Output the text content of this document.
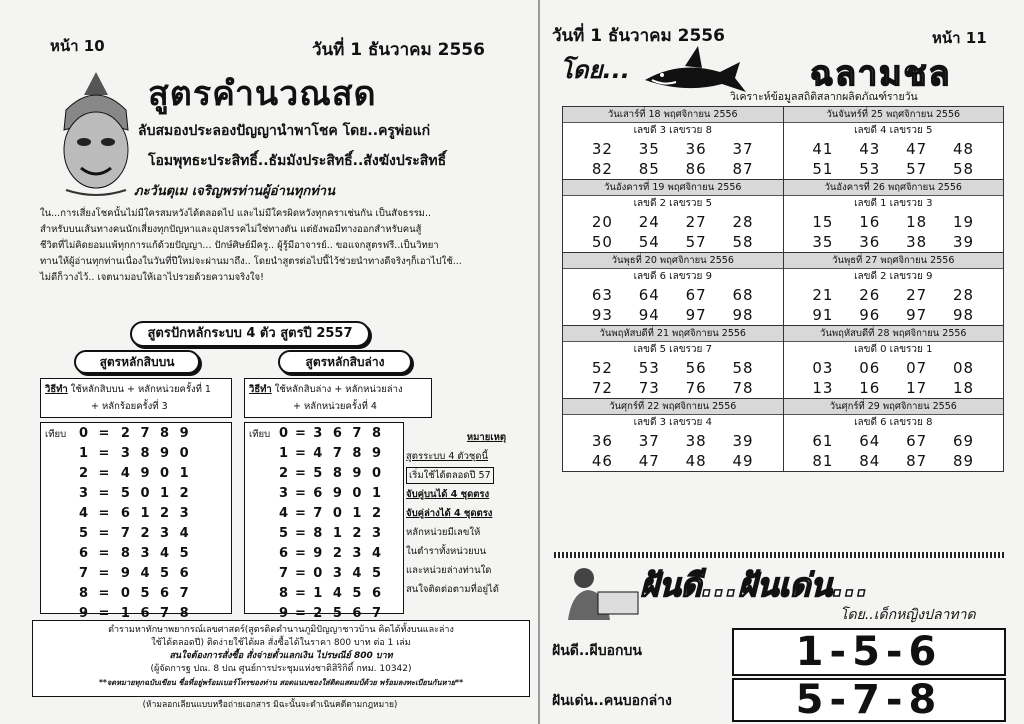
หน้า 10	วันที่ 1 ธันวาคม 2556
สูตรคำนวณสด
ลับสมองประลองปัญญานำพาโชค โดย..ครูพ่อแก่
โอมพุทธะประสิทธิ์..ธัมมังประสิทธิ์..สังฆังประสิทธิ์
ภะวันตุเม เจริญพรท่านผู้อ่านทุกท่าน
ใน...การเสี่ยงโชคนั้นไม่มีใครสมหวังได้ตลอดไป และไม่มีใครผิดหวังทุกคราเช่นกัน เป็นสัจธรรม..
สำหรับบนเส้นทางคนนักเสี่ยงทุกปัญหาและอุปสรรคไม่ใช่ทางตัน แต่ยังพอมีทางออกสำหรับคนสู้
ชีวิตที่ไม่คิดยอมแพ้ทุกการแก้ด้วยปัญญา... ปักษ์ศิษย์มีครู.. ผู้รู้มีอาจารย์.. ขอแจกสูตรฟรี..เป็นวิทยา
ทานให้ผู้อ่านทุกท่านเนื่องในวันที่ปีใหม่จะผ่านมาถึง.. โดยนำสูตรต่อไปนี้ไว้ช่วยนำทางดีจริงๆก็เอาไปใช้...
ไม่ดีก็วางไว้.. เจตนามอบให้เอาไปรวยด้วยความจริงใจ!
สูตรปักหลักระบบ 4 ตัว สูตรปี 2557
สูตรหลักสิบบน
วิธีทำ ใช้หลักสิบบน + หลักหน่วยครั้งที่ 1
+ หลักร้อยครั้งที่ 3
เทียบ 0	=	2 7 8 9
1	=	3 8 9 0
2	=	4 9 0 1
3	=	5 0 1 2
4	=	6 1 2 3
5	=	7 2 3 4
6	=	8 3 4 5
7	=	9 4 5 6
8	=	0 5 6 7
9	=	1 6 7 8
สูตรหลักสิบล่าง
วิธีทำ ใช้หลักสิบล่าง + หลักหน่วยล่าง
+ หลักหน่วยครั้งที่ 4
เทียบ 0	=	3 6 7 8
1	=	4 7 8 9
2	=	5 8 9 0
3	=	6 9 0 1
4	=	7 0 1 2
5	=	8 1 2 3
6	=	9 2 3 4
7	=	0 3 4 5
8	=	1 4 5 6
9	=	2 5 6 7
หมายเหตุ
สูตรระบบ 4 ตัวชุดนี้
เริ่มใช้ได้ตลอดปี 57
จับคู่บนได้ 4 ชุดตรง
จับคู่ล่างได้ 4 ชุดตรง
หลักหน่วยมีเลขให้
ในตำราทั้งหน่วยบน
และหน่วยล่างท่านใด
สนใจติดต่อตามที่อยู่ได้
ตำรามหาทักษาพยากรณ์เลขศาสตร์(สูตรติดตำนานภูมิปัญญาชาวบ้าน คิดได้ทั้งบนและล่าง
ใช้ได้ตลอดปี) ติดง่ายใช้ได้ผล สั่งซื้อได้ในราคา 800 บาท ต่อ 1 เล่ม
สนใจต้องการสั่งซื้อ สั่งจ่ายตั๋วแลกเงิน ไปรษณีย์ 800 บาท
(ผู้จัดการฐ ปณ. 8 ปณ ศูนย์การประชุมแห่งชาติสิริกิติ์ กทม. 10342)
**จดหมายทุกฉบับเขียน ชื่อที่อยู่พร้อมเบอร์โทรของท่าน สอดแนบซองใส่ติดแสตมป์ด้วย พร้อมลงทะเบียนกันหาย**
(ห้ามลอกเลียนแบบหรือถ่ายเอกสาร มิฉะนั้นจะดำเนินคดีตามกฎหมาย)
วันที่ 1 ธันวาคม 2556	หน้า 11
โดย...	ฉลามชล
วิเคราะห์ข้อมูลสถิติสลากผลิตภัณฑ์รายวัน
วันเสาร์ที่ 18 พฤศจิกายน 2556
เลขดี 3 เลขรวย 8
32 35 36 37
82 85 86 87
วันจันทร์ที่ 25 พฤศจิกายน 2556
เลขดี 4 เลขรวย 5
41 43 47 48
51 53 57 58
วันอังคารที่ 19 พฤศจิกายน 2556
เลขดี 2 เลขรวย 5
20 24 27 28
50 54 57 58
วันอังคารที่ 26 พฤศจิกายน 2556
เลขดี 1 เลขรวย 3
15 16 18 19
35 36 38 39
วันพุธที่ 20 พฤศจิกายน 2556
เลขดี 6 เลขรวย 9
63 64 67 68
93 94 97 98
วันพุธที่ 27 พฤศจิกายน 2556
เลขดี 2 เลขรวย 9
21 26 27 28
91 96 97 98
วันพฤหัสบดีที่ 21 พฤศจิกายน 2556
เลขดี 5 เลขรวย 7
52 53 56 58
72 73 76 78
วันพฤหัสบดีที่ 28 พฤศจิกายน 2556
เลขดี 0 เลขรวย 1
03 06 07 08
13 16 17 18
วันศุกร์ที่ 22 พฤศจิกายน 2556
เลขดี 3 เลขรวย 4
36 37 38 39
46 47 48 49
วันศุกร์ที่ 29 พฤศจิกายน 2556
เลขดี 6 เลขรวย 8
61 64 67 69
81 84 87 89
ฝันดี...ฝันเด่น...
โดย..เด็กหญิงปลาทาด
ฝันดี..ผีบอกบน	1-5-6
ฝันเด่น..คนบอกล่าง	5-7-8
